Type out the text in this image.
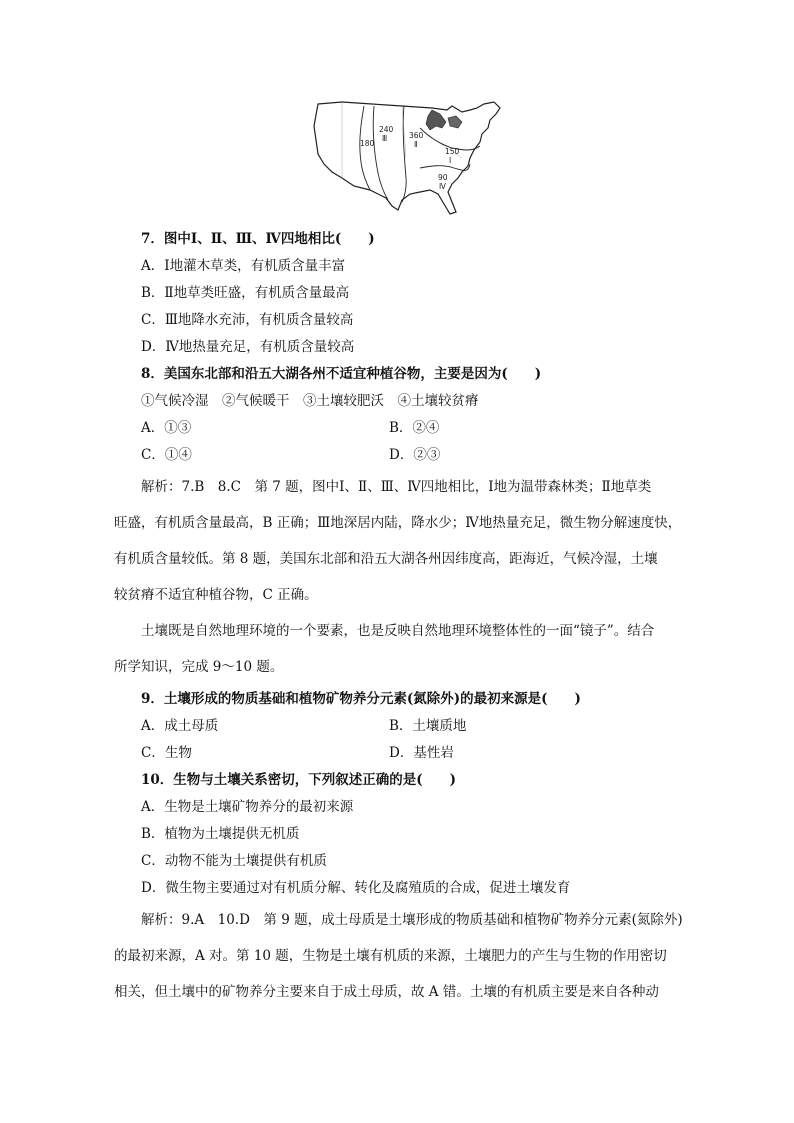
180
240
Ⅲ	360
Ⅱ
150
Ⅰ
90
Ⅳ
7．图中Ⅰ、Ⅱ、Ⅲ、Ⅳ四地相比(　　)
A．Ⅰ地灌木草类，有机质含量丰富
B．Ⅱ地草类旺盛，有机质含量最高
C．Ⅲ地降水充沛，有机质含量较高
D．Ⅳ地热量充足，有机质含量较高
8．美国东北部和沿五大湖各州不适宜种植谷物，主要是因为(　　)
①气候冷湿　②气候暖干　③土壤较肥沃　④土壤较贫瘠
A．①③	B．②④
C．①④	D．②③
解析：7.B　8.C　第 7 题，图中Ⅰ、Ⅱ、Ⅲ、Ⅳ四地相比，Ⅰ地为温带森林类；Ⅱ地草类
旺盛，有机质含量最高，B 正确；Ⅲ地深居内陆，降水少；Ⅳ地热量充足，微生物分解速度快，
有机质含量较低。第 8 题，美国东北部和沿五大湖各州因纬度高，距海近，气候冷湿，土壤
较贫瘠不适宜种植谷物，C 正确。
土壤既是自然地理环境的一个要素，也是反映自然地理环境整体性的一面“镜子”。结合
所学知识，完成 9～10 题。
9．土壤形成的物质基础和植物矿物养分元素(氮除外)的最初来源是(　　)
A．成土母质	B．土壤质地
C．生物	D．基性岩
10．生物与土壤关系密切，下列叙述正确的是(　　)
A．生物是土壤矿物养分的最初来源
B．植物为土壤提供无机质
C．动物不能为土壤提供有机质
D．微生物主要通过对有机质分解、转化及腐殖质的合成，促进土壤发育
解析：9.A　10.D　第 9 题，成土母质是土壤形成的物质基础和植物矿物养分元素(氮除外)
的最初来源，A 对。第 10 题，生物是土壤有机质的来源，土壤肥力的产生与生物的作用密切
相关，但土壤中的矿物养分主要来自于成土母质，故 A 错。土壤的有机质主要是来自各种动
